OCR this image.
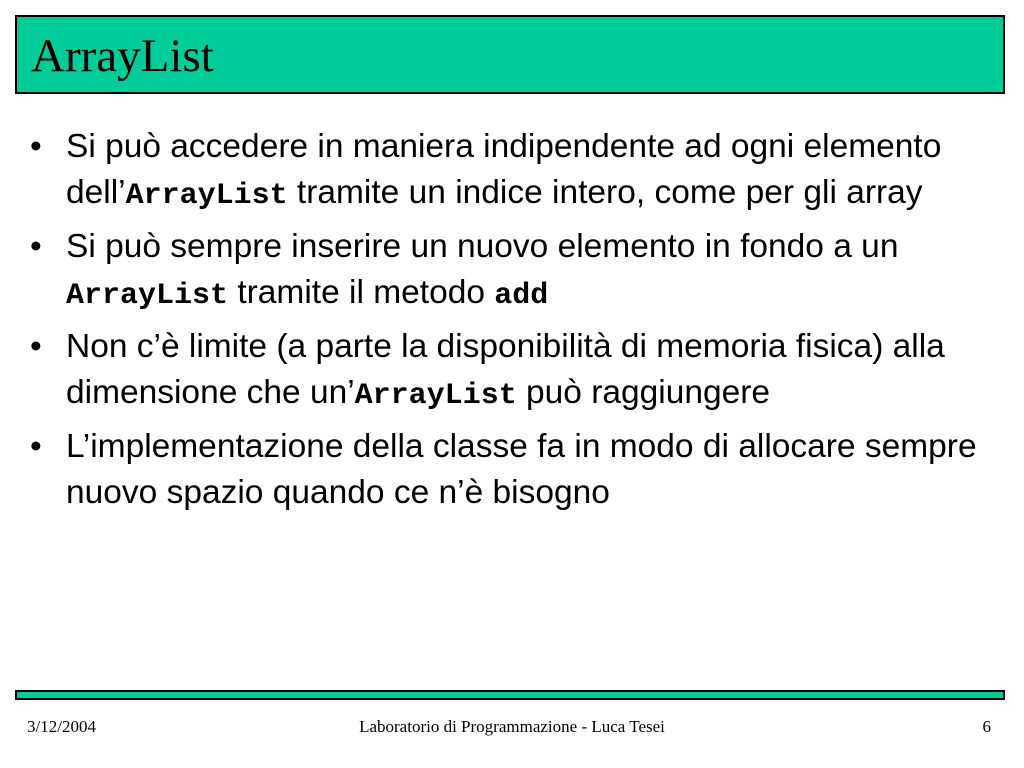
ArrayList
• Si può accedere in maniera indipendente ad ogni elemento dell’ArrayList tramite un indice intero, come per gli array
• Si può sempre inserire un nuovo elemento in fondo a un ArrayList tramite il metodo add
• Non c’è limite (a parte la disponibilità di memoria fisica) alla dimensione che un’ArrayList può raggiungere
• L’implementazione della classe fa in modo di allocare sempre nuovo spazio quando ce n’è bisogno
3/12/2004	Laboratorio di Programmazione - Luca Tesei	6
